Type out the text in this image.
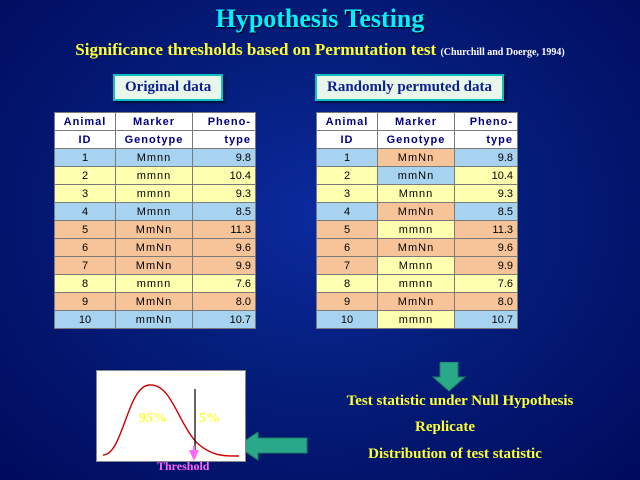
Hypothesis Testing
Significance thresholds based on Permutation test (Churchill and Doerge, 1994)
Original data	Randomly permuted data
Animal	Marker	Pheno-
ID	Genotype	type
1	Mmnn	9.8
2	mmnn	10.4
3	mmnn	9.3
4	Mmnn	8.5
5	MmNn	11.3
6	MmNn	9.6
7	MmNn	9.9
8	mmnn	7.6
9	MmNn	8.0
10	mmNn	10.7
Animal	Marker	Pheno-
ID	Genotype	type
1	MmNn	9.8
2	mmNn	10.4
3	Mmnn	9.3
4	MmNn	8.5
5	mmnn	11.3
6	MmNn	9.6
7	Mmnn	9.9
8	mmnn	7.6
9	MmNn	8.0
10	mmnn	10.7
95% 5%
Threshold
Test statistic under Null Hypothesis
Replicate
Distribution of test statistic
